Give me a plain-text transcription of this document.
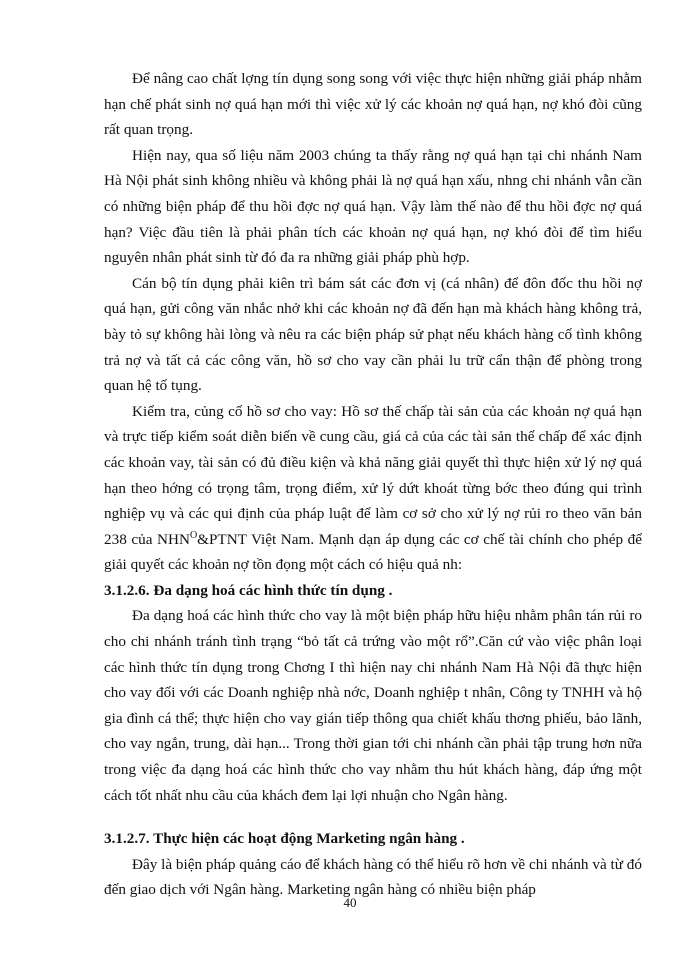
Để nâng cao chất lợng tín dụng song song với việc thực hiện những giải pháp nhằm hạn chế phát sinh nợ quá hạn mới thì việc xử lý các khoản nợ quá hạn, nợ khó đòi cũng rất quan trọng.

Hiện nay, qua số liệu năm 2003 chúng ta thấy rằng nợ quá hạn tại chi nhánh Nam Hà Nội phát sinh không nhiều và không phải là nợ quá hạn xấu, nhng chi nhánh vẫn cần có những biện pháp để thu hồi đợc nợ quá hạn. Vậy làm thế nào để thu hồi đợc nợ quá hạn? Việc đầu tiên là phải phân tích các khoản nợ quá hạn, nợ khó đòi để tìm hiểu nguyên nhân phát sinh từ đó đa ra những giải pháp phù hợp.

Cán bộ tín dụng phải kiên trì bám sát các đơn vị (cá nhân) để đôn đốc thu hồi nợ quá hạn, gửi công văn nhắc nhở khi các khoản nợ đã đến hạn mà khách hàng không trả, bày tỏ sự không hài lòng và nêu ra các biện pháp sử phạt nếu khách hàng cố tình không trả nợ và tất cả các công văn, hồ sơ cho vay cần phải lu trữ cẩn thận để phòng trong quan hệ tố tụng.

Kiểm tra, củng cố hồ sơ cho vay: Hồ sơ thế chấp tài sản của các khoản nợ quá hạn và trực tiếp kiểm soát diễn biến về cung cầu, giá cả của các tài sản thế chấp để xác định các khoản vay, tài sản có đủ điều kiện và khả năng giải quyết thì thực hiện xử lý nợ quá hạn theo hớng có trọng tâm, trọng điểm, xử lý dứt khoát từng bớc theo đúng qui trình nghiệp vụ và các qui định của pháp luật để làm cơ sở cho xử lý nợ rủi ro theo văn bản 238 của $NHN^O\&PTNT$ Việt Nam. Mạnh dạn áp dụng các cơ chế tài chính cho phép để giải quyết các khoản nợ tồn đọng một cách có hiệu quả nh:

3.1.2.6. Đa dạng hoá các hình thức tín dụng .

Đa dạng hoá các hình thức cho vay là một biện pháp hữu hiệu nhằm phân tán rủi ro cho chi nhánh tránh tình trạng “bỏ tất cả trứng vào một rổ”.Căn cứ vào việc phân loại các hình thức tín dụng trong Chơng I thì hiện nay chi nhánh Nam Hà Nội đã thực hiện cho vay đối với các Doanh nghiệp nhà nớc, Doanh nghiệp t nhân, Công ty TNHH và hộ gia đình cá thể; thực hiện cho vay gián tiếp thông qua chiết khấu thơng phiếu, bảo lãnh, cho vay ngắn, trung, dài hạn... Trong thời gian tới chi nhánh cần phải tập trung hơn nữa trong việc đa dạng hoá các hình thức cho vay nhằm thu hút khách hàng, đáp ứng một cách tốt nhất nhu cầu của khách đem lại lợi nhuận cho Ngân hàng.

3.1.2.7. Thực hiện các hoạt động Marketing ngân hàng .

Đây là biện pháp quảng cáo để khách hàng có thể hiểu rõ hơn về chi nhánh và từ đó đến giao dịch với Ngân hàng. Marketing ngân hàng có nhiều biện pháp

40
